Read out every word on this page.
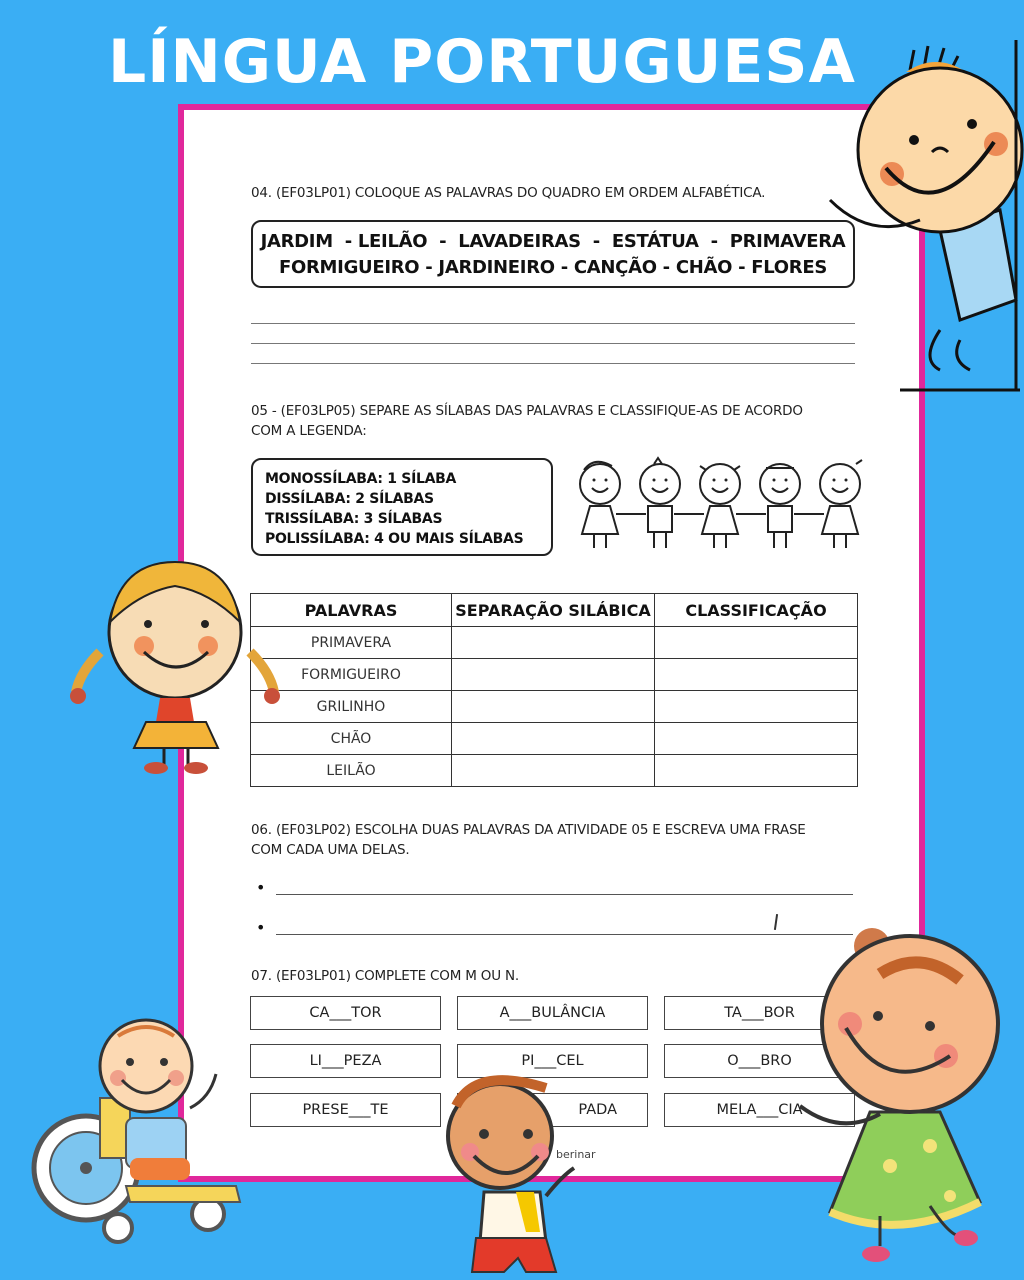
LÍNGUA PORTUGUESA
04. (EF03LP01) COLOQUE AS PALAVRAS DO QUADRO EM ORDEM ALFABÉTICA.
JARDIM  - LEILÃO  -  LAVADEIRAS  -  ESTÁTUA  -  PRIMAVERA
FORMIGUEIRO - JARDINEIRO - CANÇÃO - CHÃO - FLORES
05 - (EF03LP05) SEPARE AS SÍLABAS DAS PALAVRAS E CLASSIFIQUE-AS DE ACORDO
COM A LEGENDA:
MONOSSÍLABA: 1 SÍLABA
DISSÍLABA: 2 SÍLABAS
TRISSÍLABA: 3 SÍLABAS
POLISSÍLABA: 4 OU MAIS SÍLABAS
PALAVRAS	SEPARAÇÃO SILÁBICA	CLASSIFICAÇÃO
PRIMAVERA		
FORMIGUEIRO		
GRILINHO		
CHÃO		
LEILÃO		
06. (EF03LP02) ESCOLHA DUAS PALAVRAS DA ATIVIDADE 05 E ESCREVA UMA FRASE
COM CADA UMA DELAS.
•
•
07. (EF03LP01) COMPLETE COM M OU N.
CA___TOR	A___BULÂNCIA	TA___BOR
LI___PEZA	PI___CEL	O___BRO
PRESE___TE	PADA	MELA___CIA
berinar
